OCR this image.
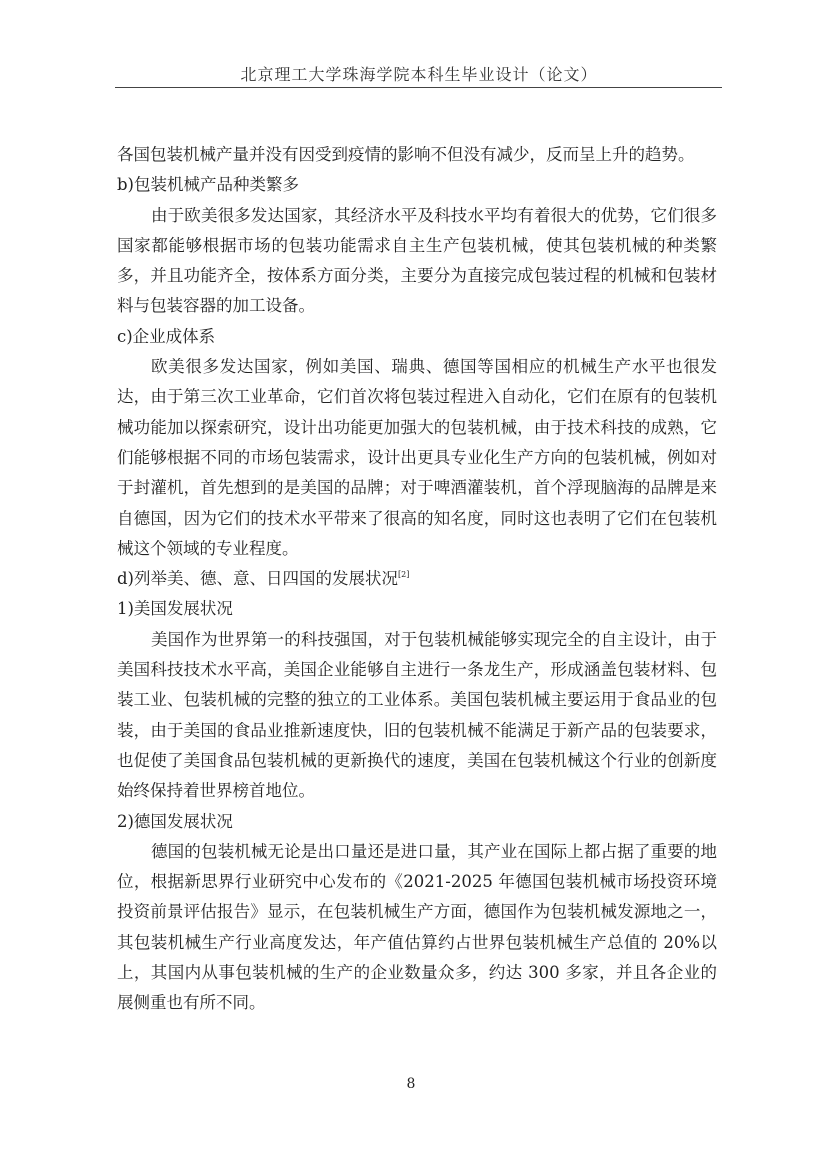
北京理工大学珠海学院本科生毕业设计（论文）
各国包装机械产量并没有因受到疫情的影响不但没有减少，反而呈上升的趋势。
b)包装机械产品种类繁多
由于欧美很多发达国家，其经济水平及科技水平均有着很大的优势，它们很多
国家都能够根据市场的包装功能需求自主生产包装机械，使其包装机械的种类繁
多，并且功能齐全，按体系方面分类，主要分为直接完成包装过程的机械和包装材
料与包装容器的加工设备。
c)企业成体系
欧美很多发达国家，例如美国、瑞典、德国等国相应的机械生产水平也很发
达，由于第三次工业革命，它们首次将包装过程进入自动化，它们在原有的包装机
械功能加以探索研究，设计出功能更加强大的包装机械，由于技术科技的成熟，它
们能够根据不同的市场包装需求，设计出更具专业化生产方向的包装机械，例如对
于封灌机，首先想到的是美国的品牌；对于啤酒灌装机，首个浮现脑海的品牌是来
自德国，因为它们的技术水平带来了很高的知名度，同时这也表明了它们在包装机
械这个领域的专业程度。
d)列举美、德、意、日四国的发展状况[2]
1)美国发展状况
美国作为世界第一的科技强国，对于包装机械能够实现完全的自主设计，由于
美国科技技术水平高，美国企业能够自主进行一条龙生产，形成涵盖包装材料、包
装工业、包装机械的完整的独立的工业体系。美国包装机械主要运用于食品业的包
装，由于美国的食品业推新速度快，旧的包装机械不能满足于新产品的包装要求，
也促使了美国食品包装机械的更新换代的速度，美国在包装机械这个行业的创新度
始终保持着世界榜首地位。
2)德国发展状况
德国的包装机械无论是出口量还是进口量，其产业在国际上都占据了重要的地
位，根据新思界行业研究中心发布的《2021-2025 年德国包装机械市场投资环境
投资前景评估报告》显示，在包装机械生产方面，德国作为包装机械发源地之一，
其包装机械生产行业高度发达，年产值估算约占世界包装机械生产总值的 20%以
上，其国内从事包装机械的生产的企业数量众多，约达 300 多家，并且各企业的
展侧重也有所不同。
8
